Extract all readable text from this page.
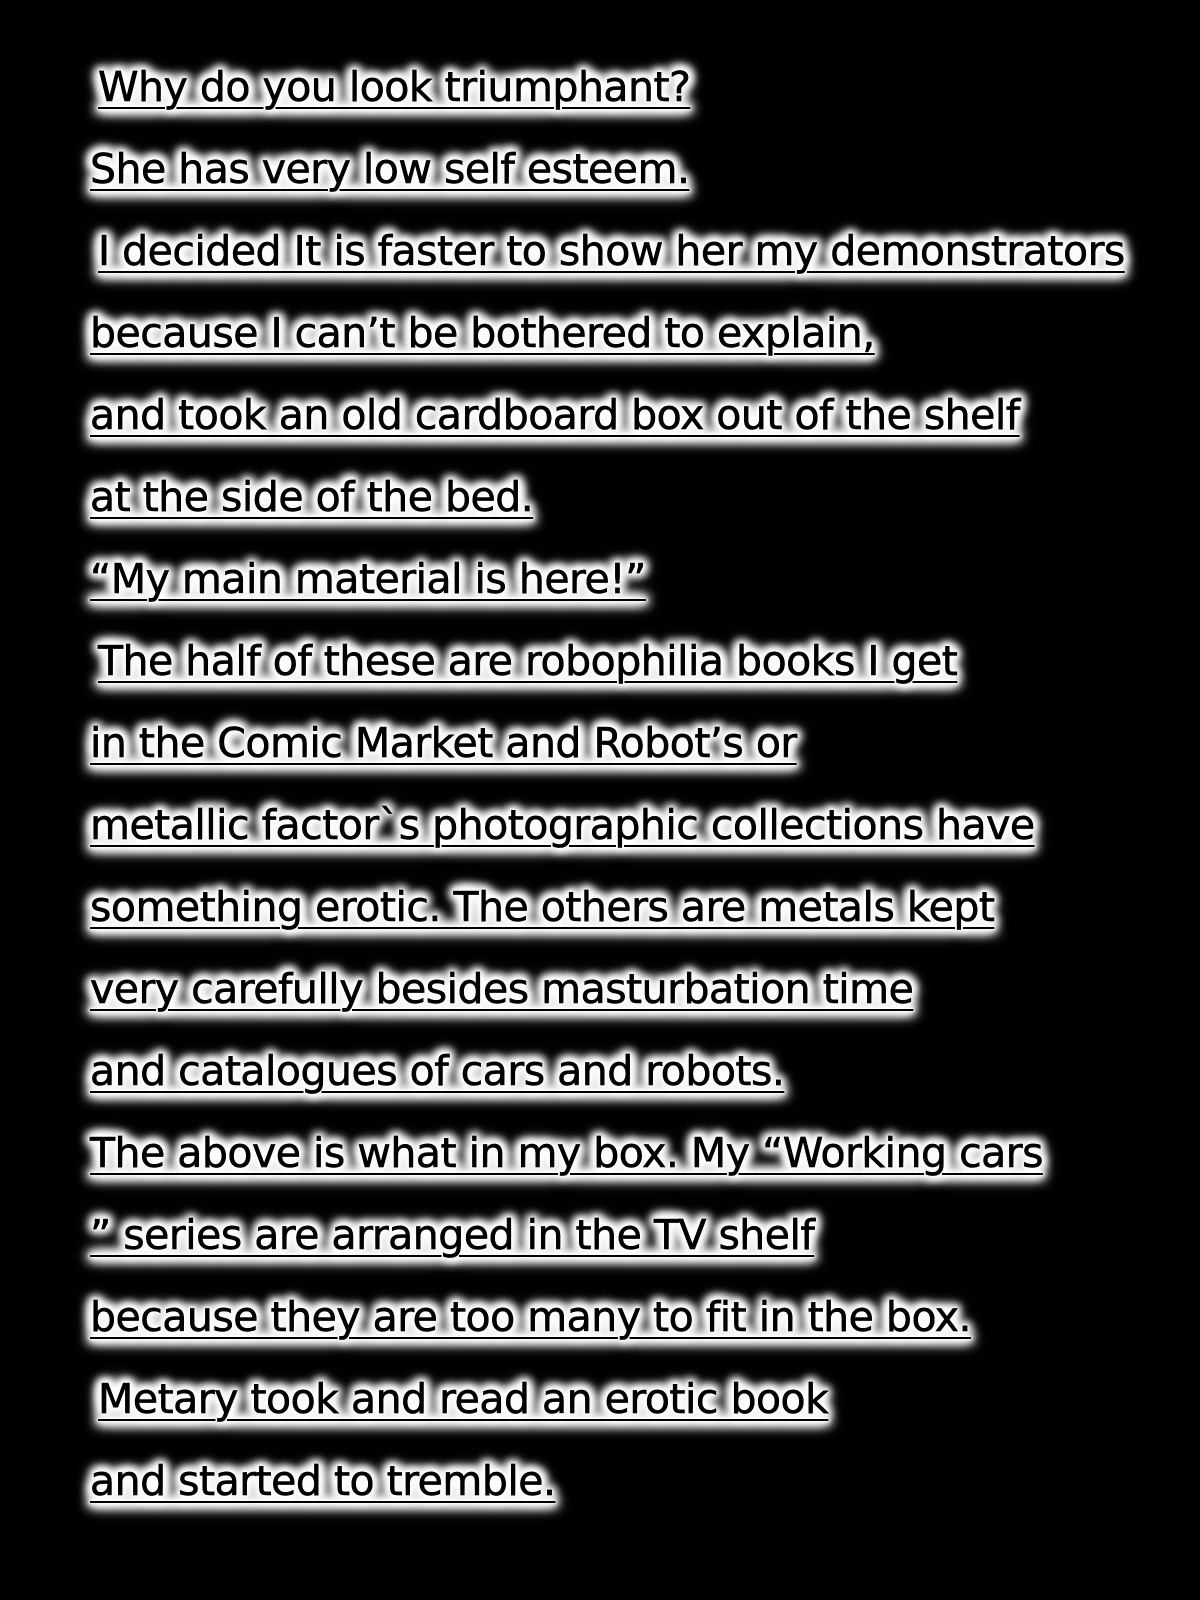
Why do you look triumphant?
She has very low self esteem.
I decided It is faster to show her my demonstrators
because I can’t be bothered to explain,
and took an old cardboard box out of the shelf
at the side of the bed.
“My main material is here!”
The half of these are robophilia books I get
in the Comic Market and Robot’s or
metallic factorˋs photographic collections have
something erotic. The others are metals kept
very carefully besides masturbation time
and catalogues of cars and robots.
The above is what in my box. My “Working cars
” series are arranged in the TV shelf
because they are too many to fit in the box.
Metary took and read an erotic book
and started to tremble.
